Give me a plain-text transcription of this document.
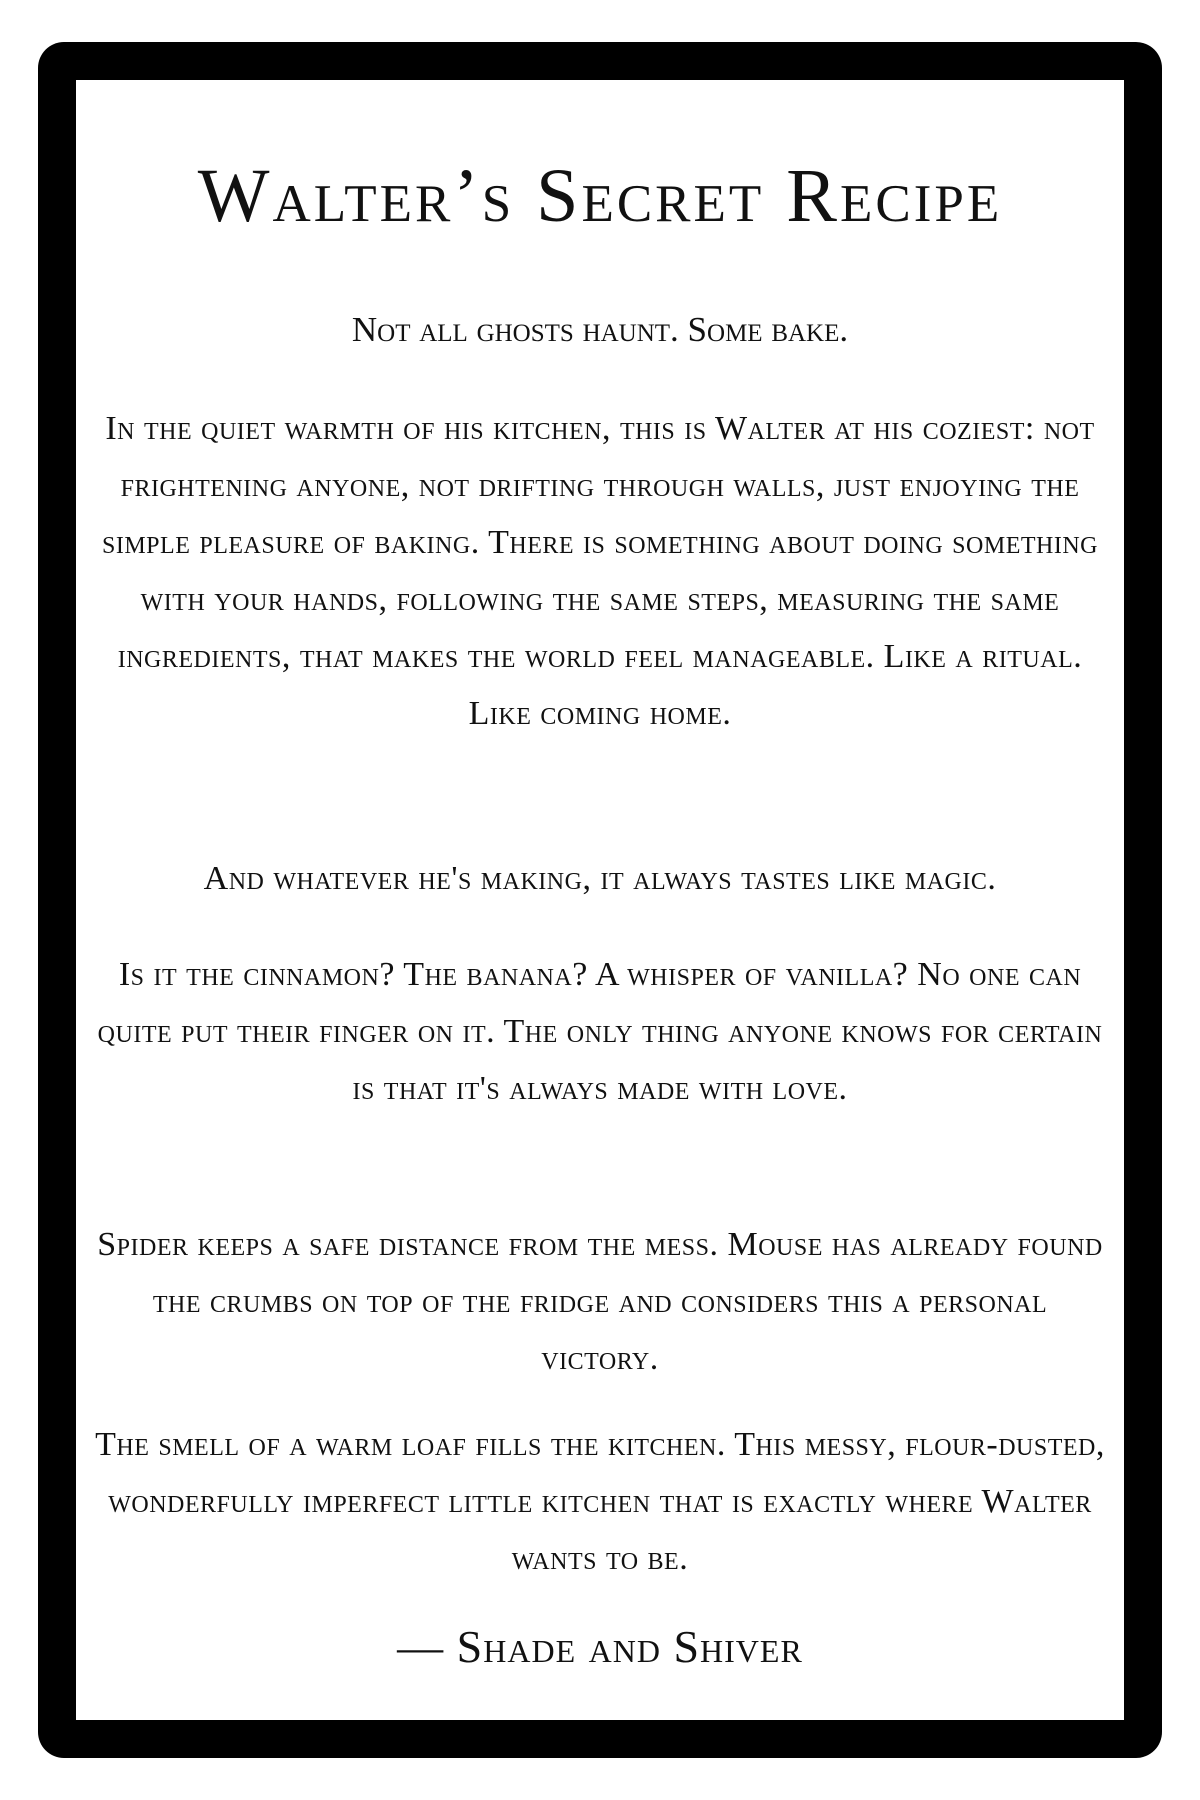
Walter’s Secret Recipe
Not all ghosts haunt. Some bake.
In the quiet warmth of his kitchen, this is Walter at his coziest: not frightening anyone, not drifting through walls, just enjoying the simple pleasure of baking. There is something about doing something with your hands, following the same steps, measuring the same ingredients, that makes the world feel manageable. Like a ritual. Like coming home.
And whatever he's making, it always tastes like magic.
Is it the cinnamon? The banana? A whisper of vanilla? No one can quite put their finger on it. The only thing anyone knows for certain is that it's always made with love.
Spider keeps a safe distance from the mess. Mouse has already found the crumbs on top of the fridge and considers this a personal victory.
The smell of a warm loaf fills the kitchen. This messy, flour-dusted, wonderfully imperfect little kitchen that is exactly where Walter wants to be.
— Shade and Shiver
